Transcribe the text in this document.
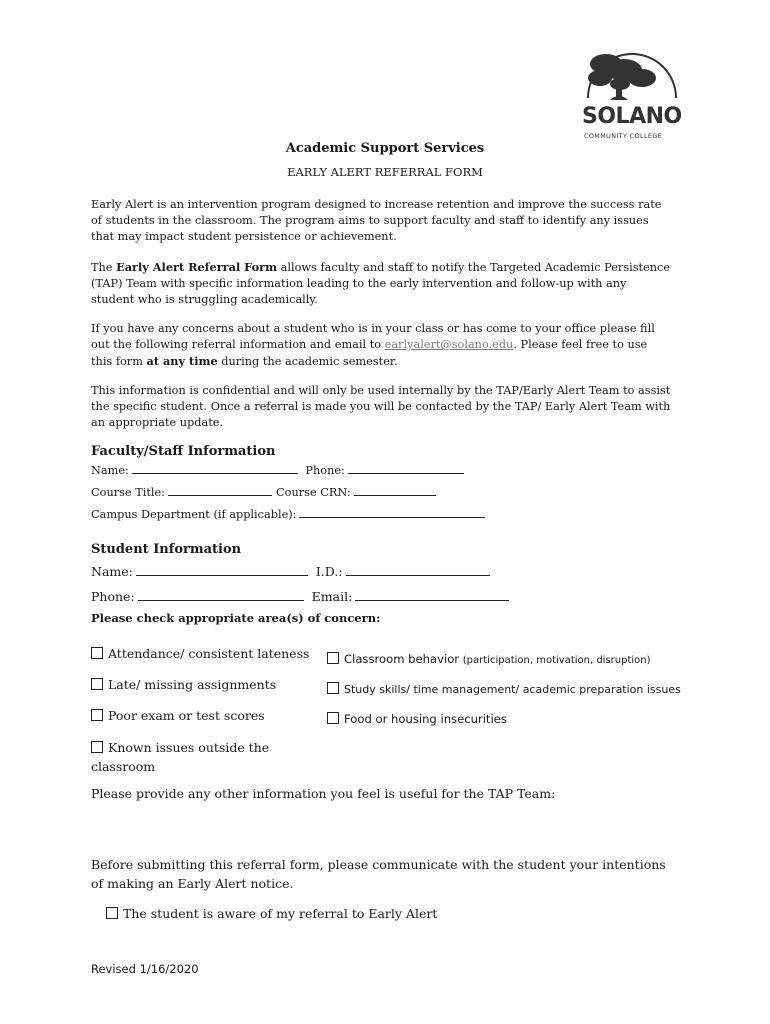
SOLANO
COMMUNITY COLLEGE
Academic Support Services
EARLY ALERT REFERRAL FORM

Early Alert is an intervention program designed to increase retention and improve the success rate of students in the classroom. The program aims to support faculty and staff to identify any issues that may impact student persistence or achievement.

The Early Alert Referral Form allows faculty and staff to notify the Targeted Academic Persistence (TAP) Team with specific information leading to the early intervention and follow-up with any student who is struggling academically.

If you have any concerns about a student who is in your class or has come to your office please fill out the following referral information and email to earlyalert@solano.edu. Please feel free to use this form at any time during the academic semester.

This information is confidential and will only be used internally by the TAP/Early Alert Team to assist the specific student. Once a referral is made you will be contacted by the TAP/ Early Alert Team with an appropriate update.

Faculty/Staff Information
Name:	Phone:
Course Title:	Course CRN:
Campus Department (if applicable):
Student Information
Name:	I.D.:
Phone:	Email:
Please check appropriate area(s) of concern:
Attendance/ consistent lateness
Late/ missing assignments
Poor exam or test scores
Known issues outside the classroom
Classroom behavior (participation, motivation, disruption)
Study skills/ time management/ academic preparation issues
Food or housing insecurities
Please provide any other information you feel is useful for the TAP Team:
Before submitting this referral form, please communicate with the student your intentions of making an Early Alert notice.
The student is aware of my referral to Early Alert
Revised 1/16/2020
